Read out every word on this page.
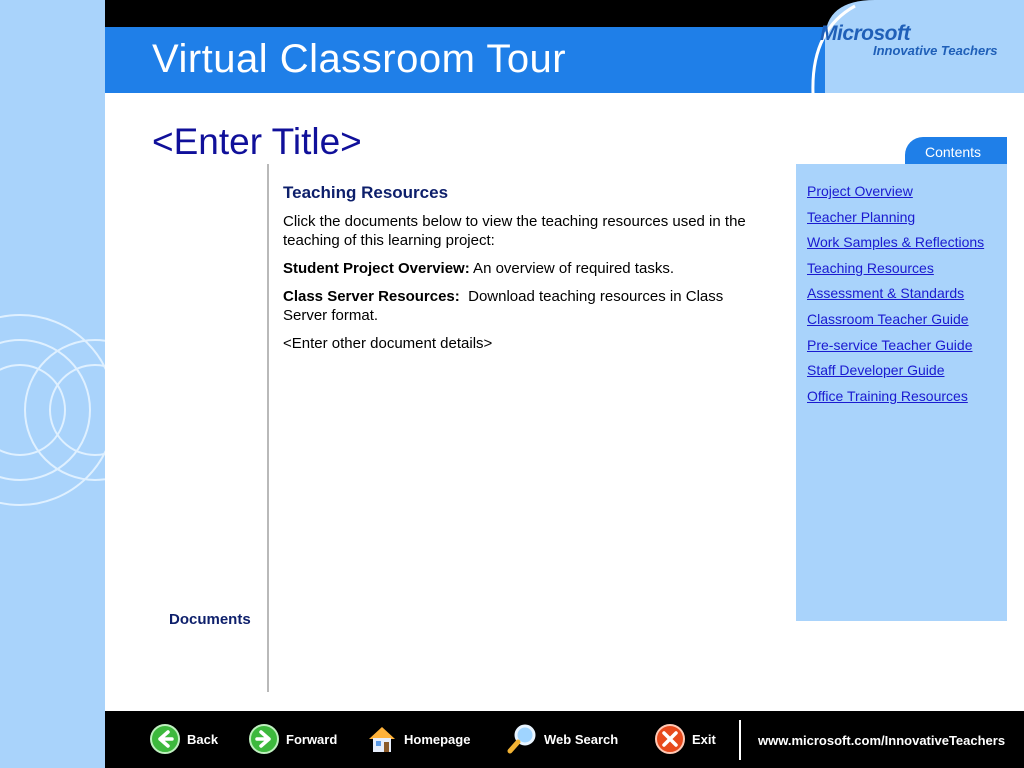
Virtual Classroom Tour
Microsoft
Innovative Teachers
<Enter Title>
Teaching Resources

Click the documents below to view the teaching resources used in the teaching of this learning project:

Student Project Overview: An overview of required tasks.

Class Server Resources:  Download teaching resources in Class Server format.

<Enter other document details>

Documents
Contents
Project Overview
Teacher Planning
Work Samples & Reflections
Teaching Resources
Assessment & Standards
Classroom Teacher Guide
Pre-service Teacher Guide
Staff Developer Guide
Office Training Resources
Back	Forward	Homepage	Web Search	Exit	www.microsoft.com/InnovativeTeachers
